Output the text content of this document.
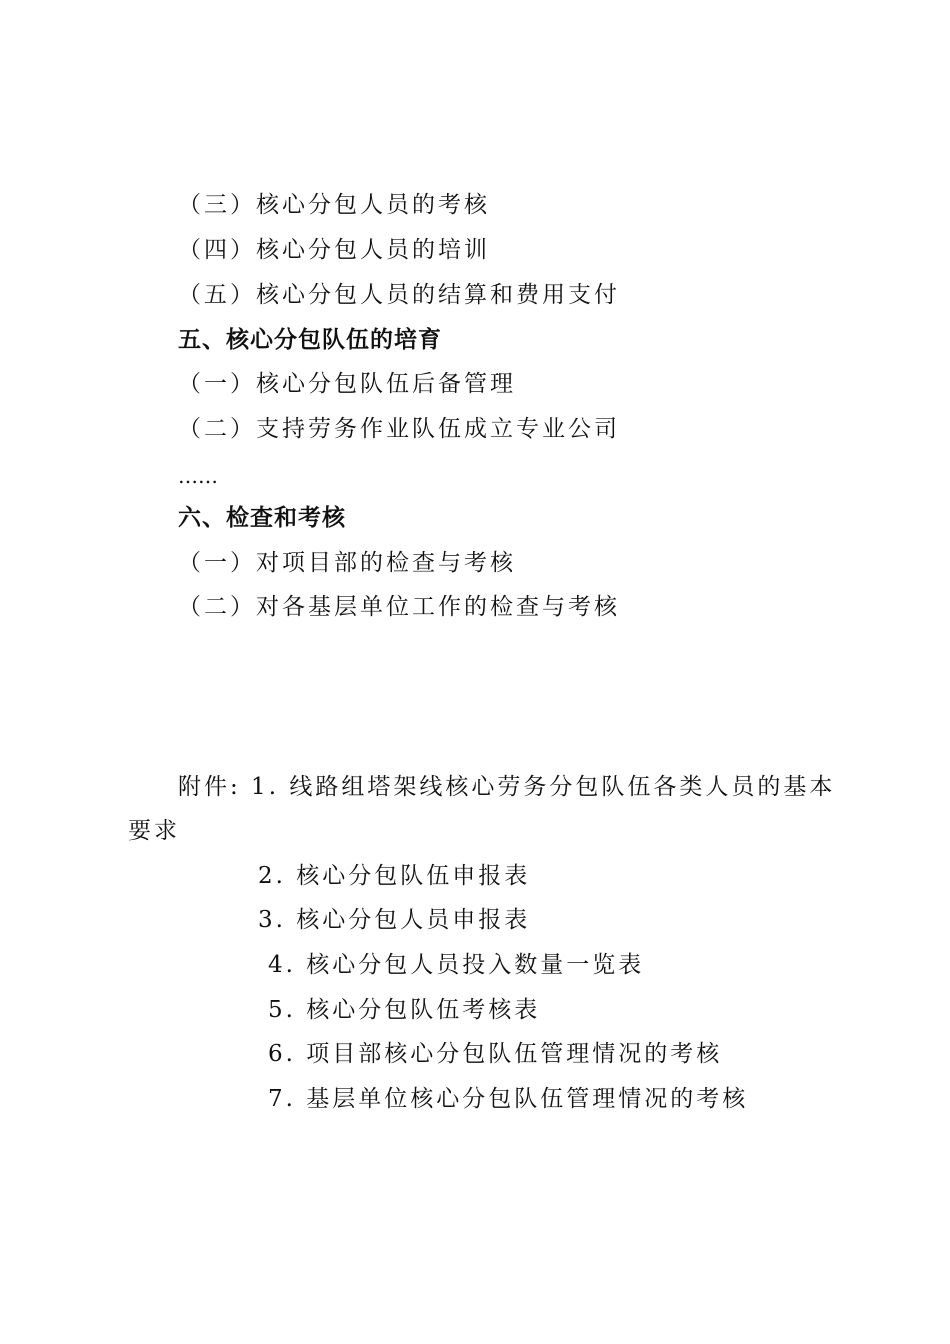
（三）核心分包人员的考核
（四）核心分包人员的培训
（五）核心分包人员的结算和费用支付
五、核心分包队伍的培育
（一）核心分包队伍后备管理
（二）支持劳务作业队伍成立专业公司
……
六、检查和考核
（一）对项目部的检查与考核
（二）对各基层单位工作的检查与考核
附件: 1. 线路组塔架线核心劳务分包队伍各类人员的基本
要求
2. 核心分包队伍申报表
3. 核心分包人员申报表
4. 核心分包人员投入数量一览表
5. 核心分包队伍考核表
6. 项目部核心分包队伍管理情况的考核
7. 基层单位核心分包队伍管理情况的考核
